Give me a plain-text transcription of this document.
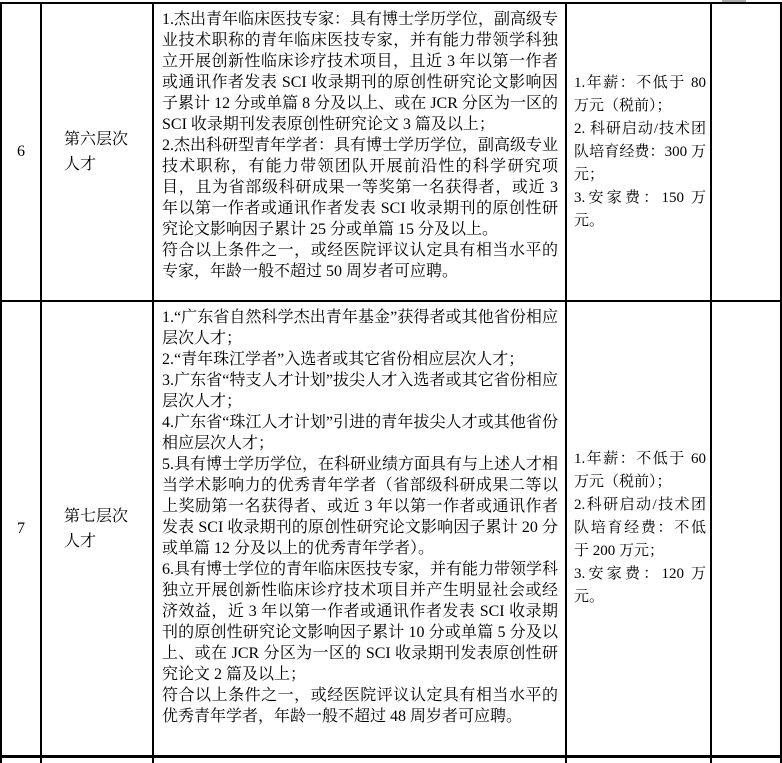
6
第六层次人才

1.杰出青年临床医技专家：具有博士学历学位，副高级专业技术职称的青年临床医技专家，并有能力带领学科独立开展创新性临床诊疗技术项目，且近 3 年以第一作者或通讯作者发表 SCI 收录期刊的原创性研究论文影响因子累计 12 分或单篇 8 分及以上、或在 JCR 分区为一区的 SCI 收录期刊发表原创性研究论文 3 篇及以上；

2.杰出科研型青年学者：具有博士学历学位，副高级专业技术职称，有能力带领团队开展前沿性的科学研究项目，且为省部级科研成果一等奖第一名获得者，或近 3 年以第一作者或通讯作者发表 SCI 收录期刊的原创性研究论文影响因子累计 25 分或单篇 15 分及以上。

符合以上条件之一，或经医院评议认定具有相当水平的专家，年龄一般不超过 50 周岁者可应聘。

1.年薪：不低于 80 万元（税前）；

2. 科研启动/技术团队培育经费：300 万元；

3.安家费：150 万元。

7
第七层次人才

1.“广东省自然科学杰出青年基金”获得者或其他省份相应层次人才；

2.“青年珠江学者”入选者或其它省份相应层次人才；

3.广东省“特支人才计划”拔尖人才入选者或其它省份相应层次人才；

4.广东省“珠江人才计划”引进的青年拔尖人才或其他省份相应层次人才；

5.具有博士学历学位，在科研业绩方面具有与上述人才相当学术影响力的优秀青年学者（省部级科研成果二等以上奖励第一名获得者、或近 3 年以第一作者或通讯作者发表 SCI 收录期刊的原创性研究论文影响因子累计 20 分或单篇 12 分及以上的优秀青年学者）。

6.具有博士学位的青年临床医技专家，并有能力带领学科独立开展创新性临床诊疗技术项目并产生明显社会或经济效益，近 3 年以第一作者或通讯作者发表 SCI 收录期刊的原创性研究论文影响因子累计 10 分或单篇 5 分及以上、或在 JCR 分区为一区的 SCI 收录期刊发表原创性研究论文 2 篇及以上；

符合以上条件之一，或经医院评议认定具有相当水平的优秀青年学者，年龄一般不超过 48 周岁者可应聘。

1.年薪：不低于 60 万元（税前）；

2.科研启动/技术团队培育经费：不低于 200 万元；

3.安家费：120 万元。
